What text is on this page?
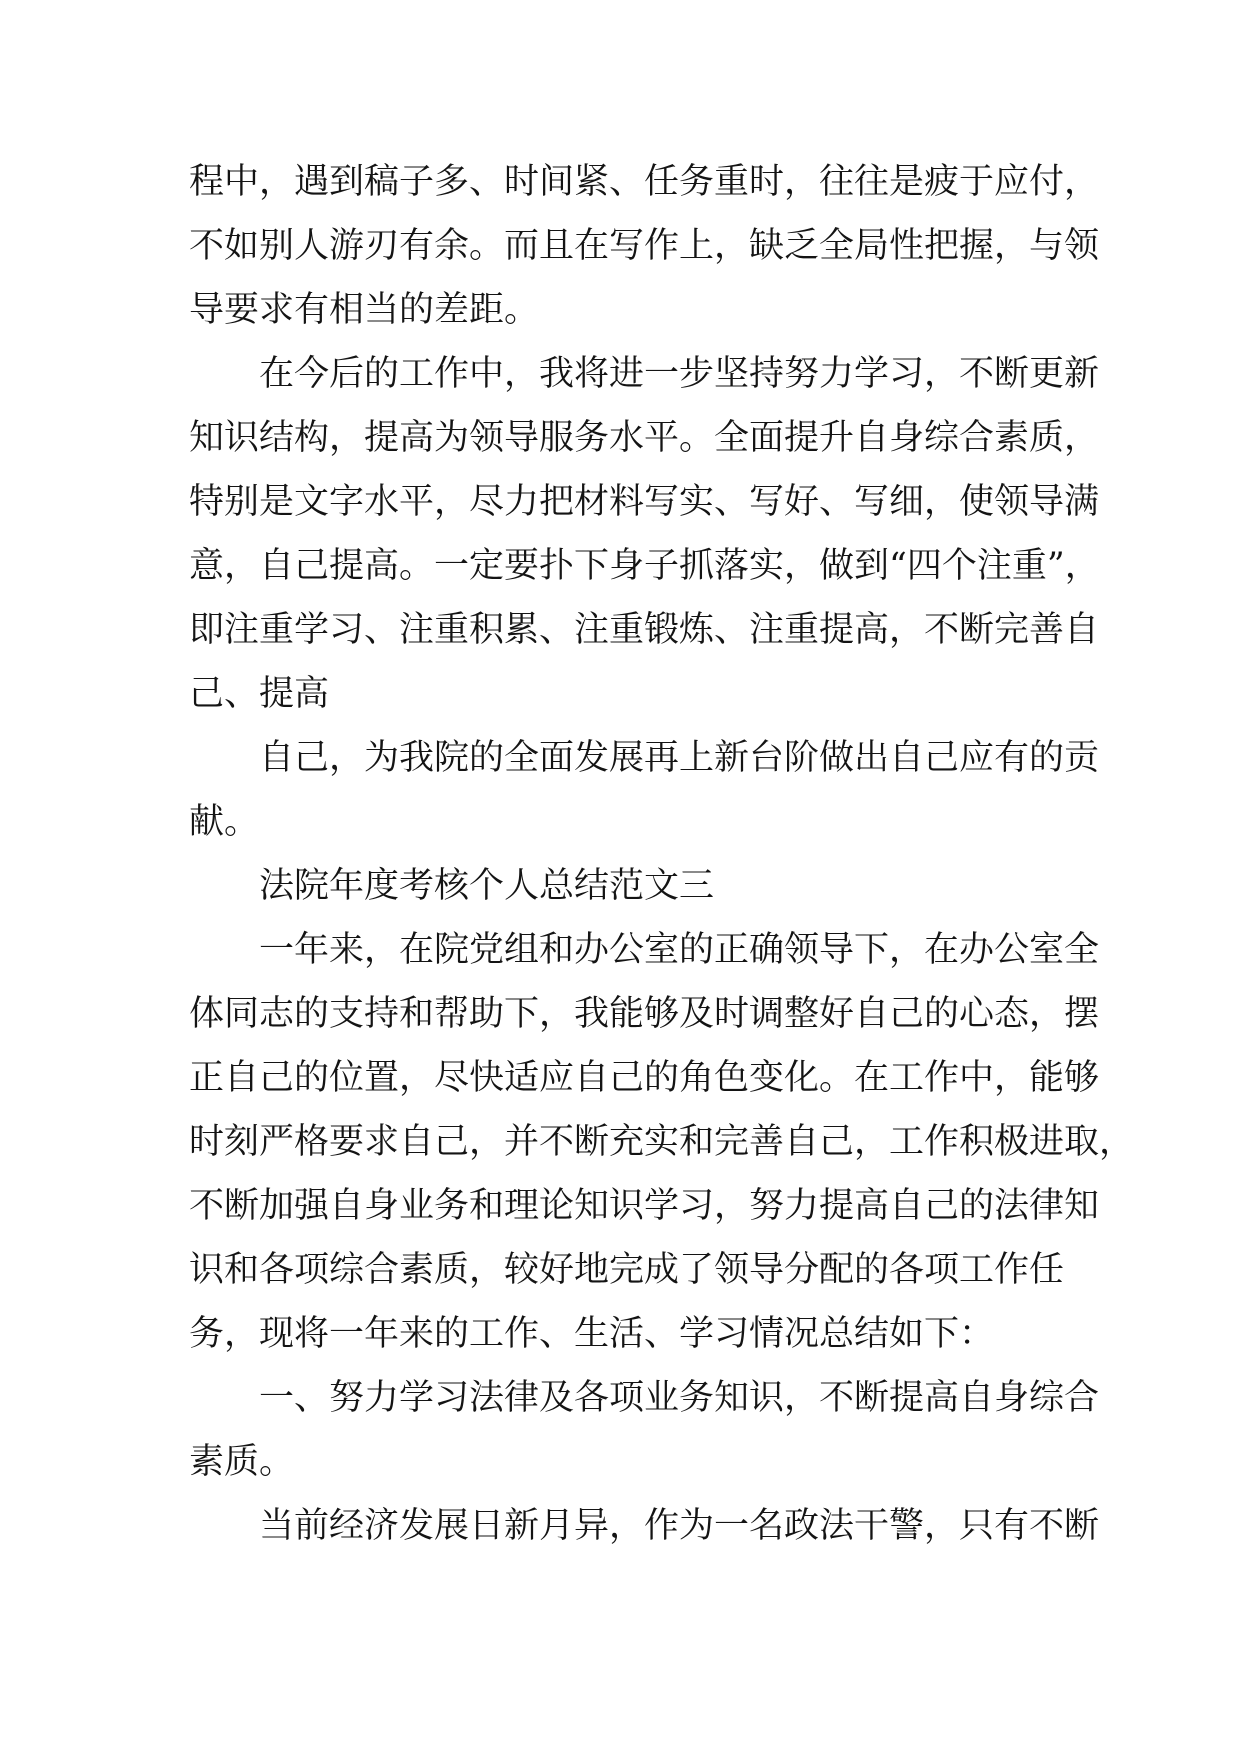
程中，遇到稿子多、时间紧、任务重时，往往是疲于应付，
不如别人游刃有余。而且在写作上，缺乏全局性把握，与领
导要求有相当的差距。
在今后的工作中，我将进一步坚持努力学习，不断更新
知识结构，提高为领导服务水平。全面提升自身综合素质，
特别是文字水平，尽力把材料写实、写好、写细，使领导满
意，自己提高。一定要扑下身子抓落实，做到“四个注重”，
即注重学习、注重积累、注重锻炼、注重提高，不断完善自
己、提高
自己，为我院的全面发展再上新台阶做出自己应有的贡
献。
法院年度考核个人总结范文三
一年来，在院党组和办公室的正确领导下，在办公室全
体同志的支持和帮助下，我能够及时调整好自己的心态，摆
正自己的位置，尽快适应自己的角色变化。在工作中，能够
时刻严格要求自己，并不断充实和完善自己，工作积极进取，
不断加强自身业务和理论知识学习，努力提高自己的法律知
识和各项综合素质，较好地完成了领导分配的各项工作任
务，现将一年来的工作、生活、学习情况总结如下：
一、努力学习法律及各项业务知识，不断提高自身综合
素质。
当前经济发展日新月异，作为一名政法干警，只有不断
